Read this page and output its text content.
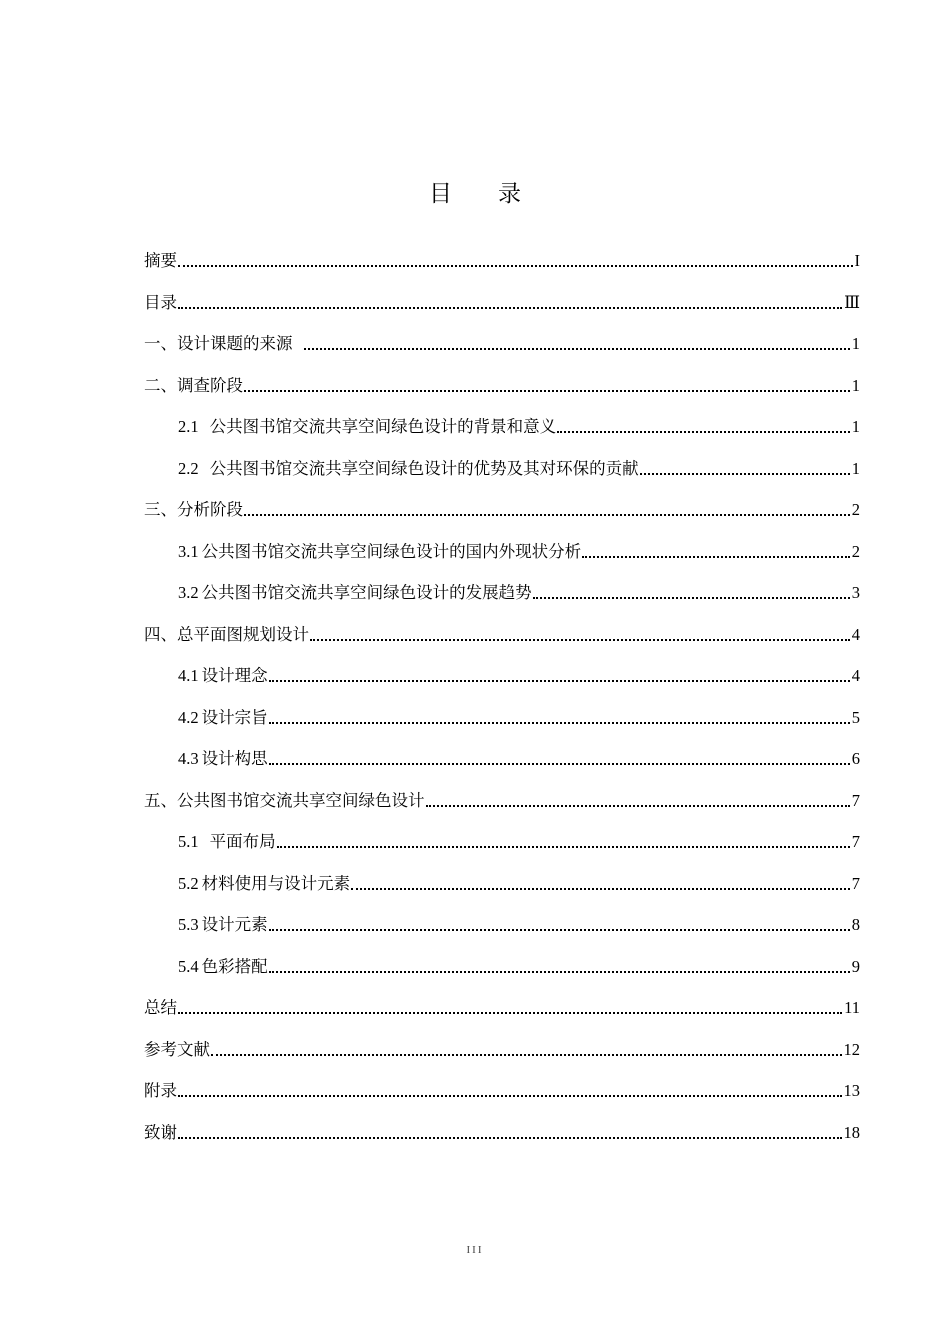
目 录
摘要	I
目录	Ⅲ
一、设计课题的来源	1
二、调查阶段	1
2.1 公共图书馆交流共享空间绿色设计的背景和意义	1
2.2 公共图书馆交流共享空间绿色设计的优势及其对环保的贡献	1
三、分析阶段	2
3.1 公共图书馆交流共享空间绿色设计的国内外现状分析	2
3.2 公共图书馆交流共享空间绿色设计的发展趋势	3
四、总平面图规划设计	4
4.1 设计理念	4
4.2 设计宗旨	5
4.3 设计构思	6
五、公共图书馆交流共享空间绿色设计	7
5.1 平面布局	7
5.2 材料使用与设计元素	7
5.3 设计元素	8
5.4 色彩搭配	9
总结	11
参考文献	12
附录	13
致谢	18
III
